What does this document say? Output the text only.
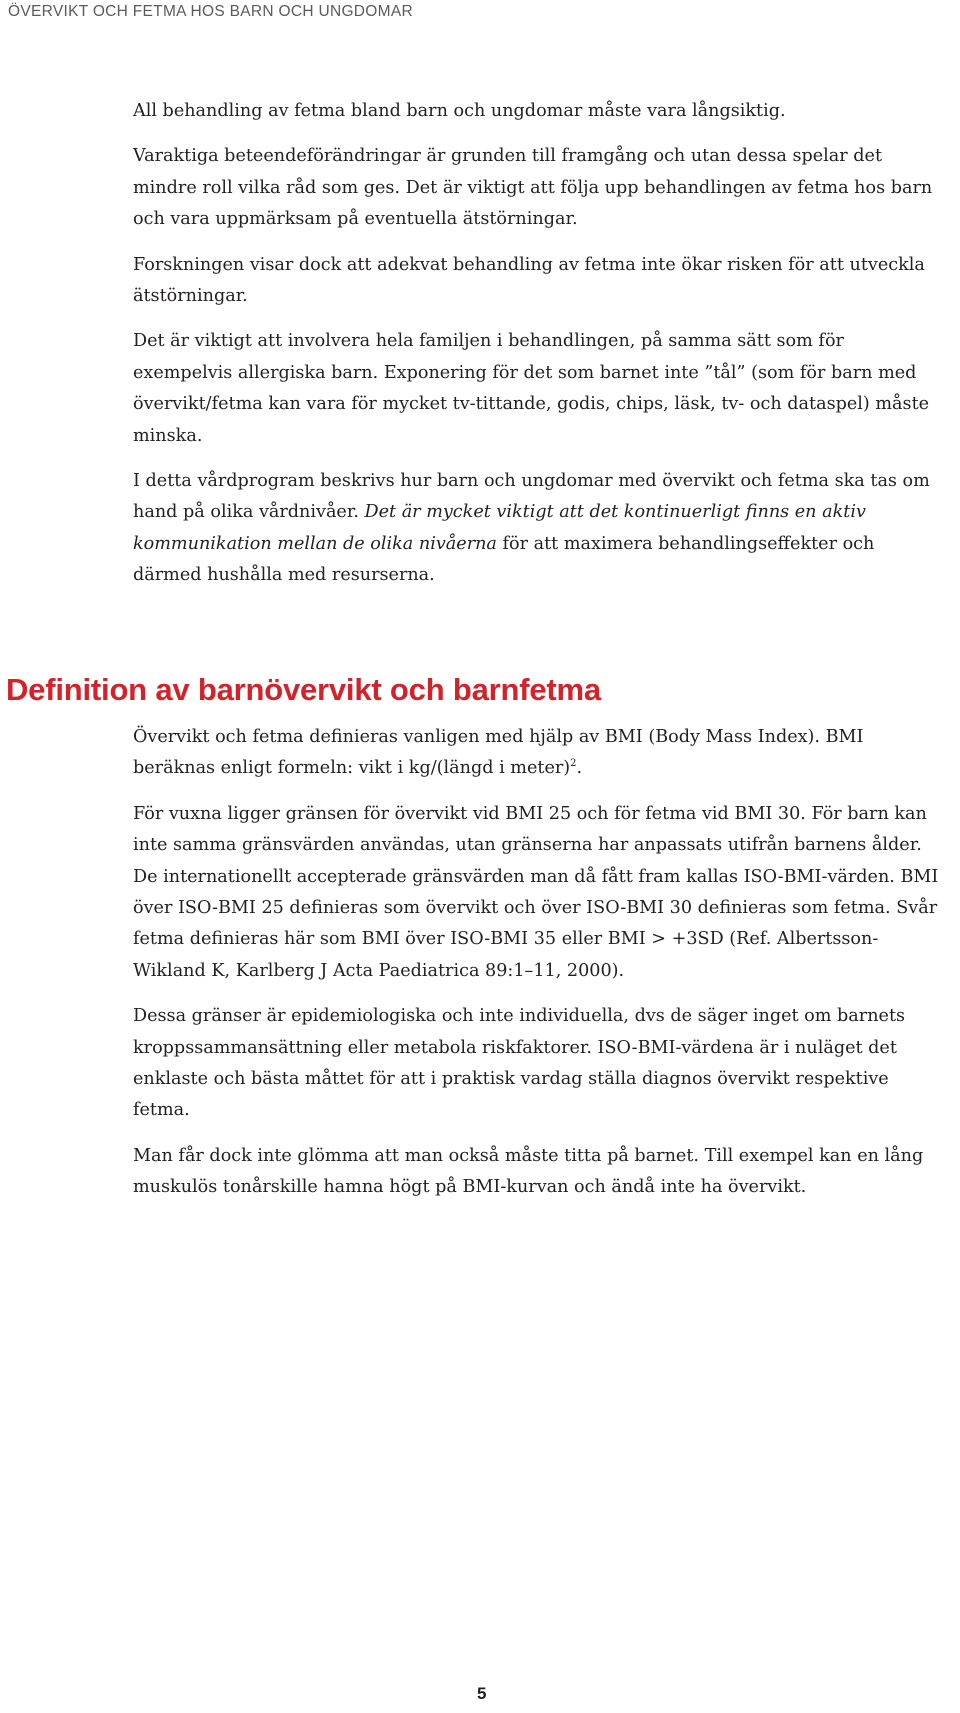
ÖVERVIKT OCH FETMA HOS BARN OCH UNGDOMAR

All behandling av fetma bland barn och ungdomar måste vara långsiktig.

Varaktiga beteendeförändringar är grunden till framgång och utan dessa spelar det mindre roll vilka råd som ges. Det är viktigt att följa upp behandlingen av fetma hos barn och vara uppmärksam på eventuella ätstörningar.

Forskningen visar dock att adekvat behandling av fetma inte ökar risken för att utveckla ätstörningar.

Det är viktigt att involvera hela familjen i behandlingen, på samma sätt som för exempelvis allergiska barn. Exponering för det som barnet inte ”tål” (som för barn med övervikt/fetma kan vara för mycket tv-tittande, godis, chips, läsk, tv- och dataspel) måste minska.

I detta vårdprogram beskrivs hur barn och ungdomar med övervikt och fetma ska tas om hand på olika vårdnivåer. Det är mycket viktigt att det kontinuerligt finns en aktiv kommunikation mellan de olika nivåerna för att maximera behandlingseffekter och därmed hushålla med resurserna.

Definition av barnövervikt och barnfetma

Övervikt och fetma definieras vanligen med hjälp av BMI (Body Mass Index). BMI beräknas enligt formeln: vikt i kg/(längd i meter)$^2$.

För vuxna ligger gränsen för övervikt vid BMI 25 och för fetma vid BMI 30. För barn kan inte samma gränsvärden användas, utan gränserna har anpassats utifrån barnens ålder. De internationellt accepterade gränsvärden man då fått fram kallas ISO-BMI-värden. BMI över ISO-BMI 25 definieras som övervikt och över ISO-BMI 30 definieras som fetma. Svår fetma definieras här som BMI över ISO-BMI 35 eller BMI > +3SD (Ref. Albertsson-Wikland K, Karlberg J Acta Paediatrica 89:1–11, 2000).

Dessa gränser är epidemiologiska och inte individuella, dvs de säger inget om barnets kroppssammansättning eller metabola riskfaktorer. ISO-BMI-värdena är i nuläget det enklaste och bästa måttet för att i praktisk vardag ställa diagnos övervikt respektive fetma.

Man får dock inte glömma att man också måste titta på barnet. Till exempel kan en lång muskulös tonårskille hamna högt på BMI-kurvan och ändå inte ha övervikt.

5
